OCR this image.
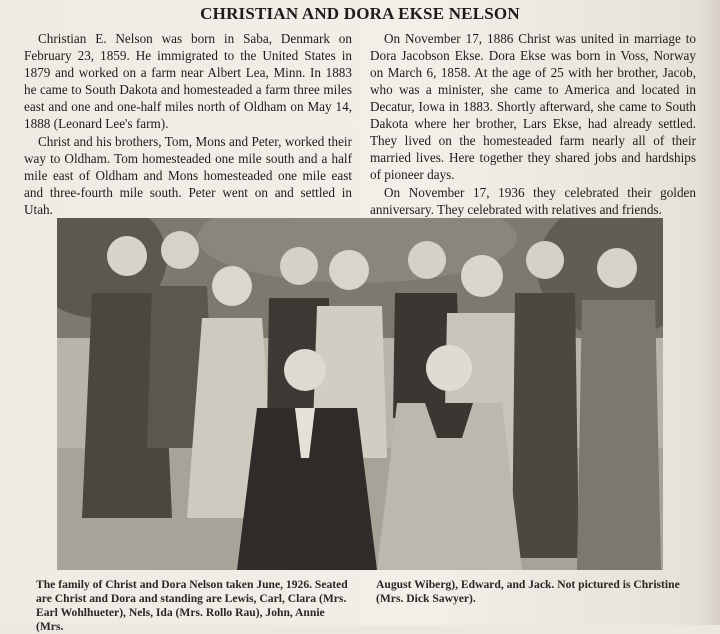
CHRISTIAN AND DORA EKSE NELSON

Christian E. Nelson was born in Saba, Denmark on February 23, 1859. He immigrated to the United States in 1879 and worked on a farm near Albert Lea, Minn. In 1883 he came to South Dakota and homesteaded a farm three miles east and one and one-half miles north of Oldham on May 14, 1888 (Leonard Lee's farm).

Christ and his brothers, Tom, Mons and Peter, worked their way to Oldham. Tom homesteaded one mile south and a half mile east of Oldham and Mons homesteaded one mile east and three-fourth mile south. Peter went on and settled in Utah.

On November 17, 1886 Christ was united in marriage to Dora Jacobson Ekse. Dora Ekse was born in Voss, Norway on March 6, 1858. At the age of 25 with her brother, Jacob, who was a minister, she came to America and located in Decatur, Iowa in 1883. Shortly afterward, she came to South Dakota where her brother, Lars Ekse, had already settled. They lived on the homesteaded farm nearly all of their married lives. Here together they shared jobs and hardships of pioneer days.

On November 17, 1936 they celebrated their golden anniversary. They celebrated with relatives and friends.

The family of Christ and Dora Nelson taken June, 1926. Seated are Christ and Dora and standing are Lewis, Carl, Clara (Mrs. Earl Wohlhueter), Nels, Ida (Mrs. Rollo Rau), John, Annie (Mrs.
August Wiberg), Edward, and Jack. Not pictured is Christine (Mrs. Dick Sawyer).
